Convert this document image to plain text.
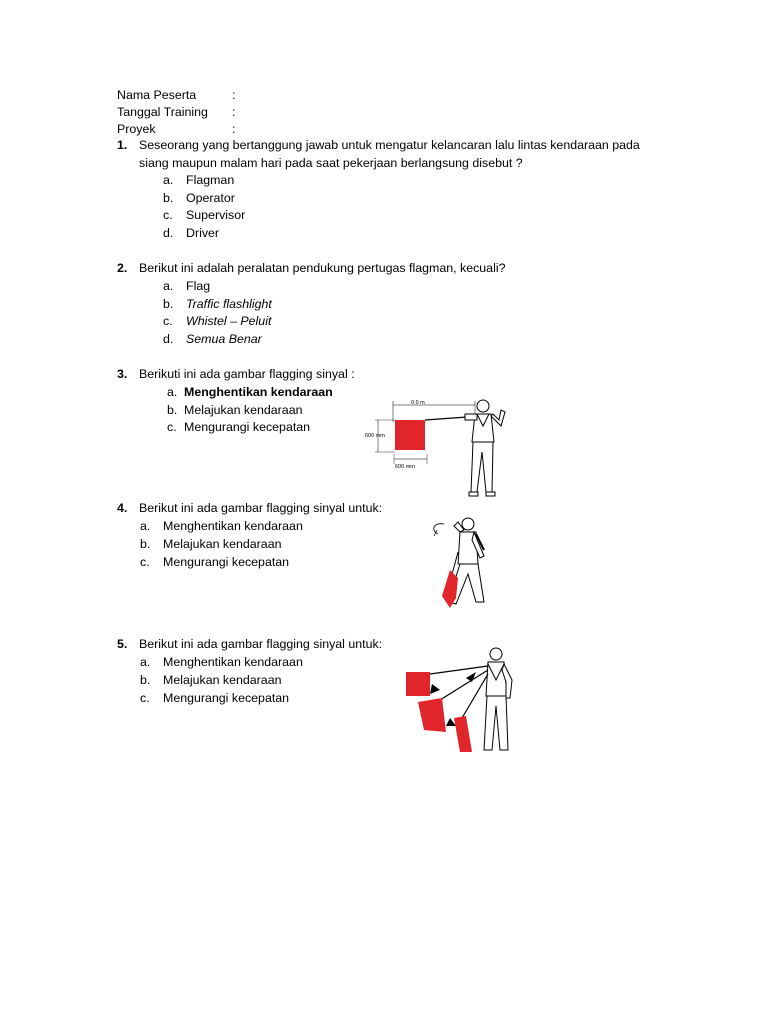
Nama Peserta	:
Tanggal Training :
Proyek	:
1. Seseorang yang bertanggung jawab untuk mengatur kelancaran lalu lintas kendaraan pada
siang maupun malam hari pada saat pekerjaan berlangsung disebut ?
a. Flagman
b. Operator
c. Supervisor
d. Driver
2. Berikut ini adalah peralatan pendukung pertugas flagman, kecuali?
a. Flag
b. Traffic flashlight
c. Whistel – Peluit
d. Semua Benar
3. Berikuti ini ada gambar flagging sinyal :
a. Menghentikan kendaraan
b. Melajukan kendaraan
c. Mengurangi kecepatan
0.9 m
600 mm
600 mm
4. Berikut ini ada gambar flagging sinyal untuk:
a. Menghentikan kendaraan
b. Melajukan kendaraan
c. Mengurangi kecepatan
5. Berikut ini ada gambar flagging sinyal untuk:
a. Menghentikan kendaraan
b. Melajukan kendaraan
c. Mengurangi kecepatan
